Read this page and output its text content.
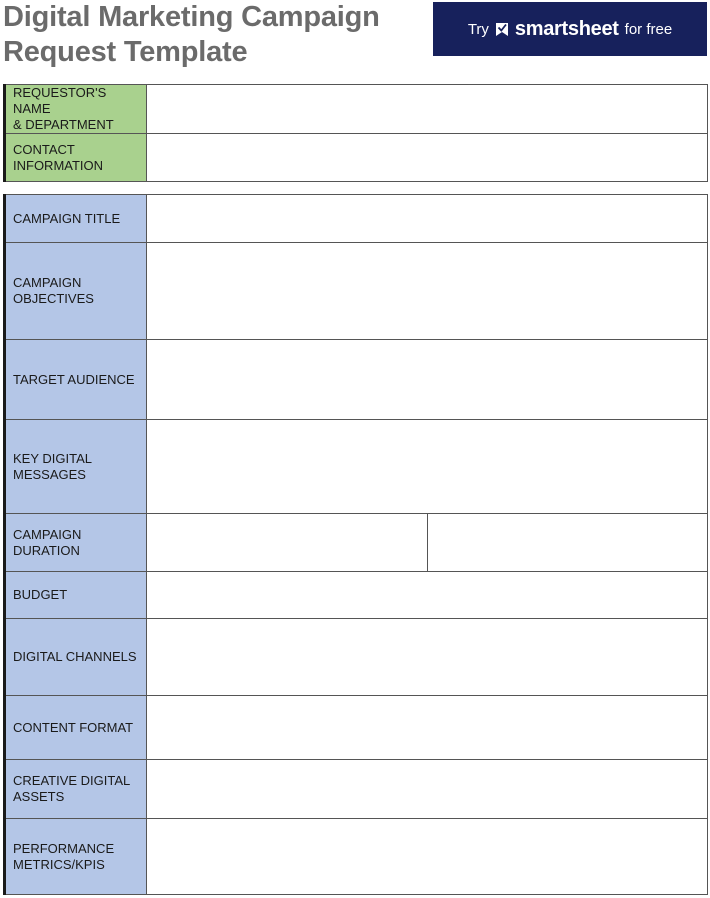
Digital Marketing Campaign
Request Template
Try smartsheet for free
REQUESTOR'S NAME
& DEPARTMENT	

CONTACT
INFORMATION	

CAMPAIGN TITLE		

CAMPAIGN
OBJECTIVES		

TARGET AUDIENCE		

KEY DIGITAL
MESSAGES		

CAMPAIGN
DURATION		

BUDGET		

DIGITAL CHANNELS		

CONTENT FORMAT		

CREATIVE DIGITAL
ASSETS		

PERFORMANCE
METRICS/KPIS		
